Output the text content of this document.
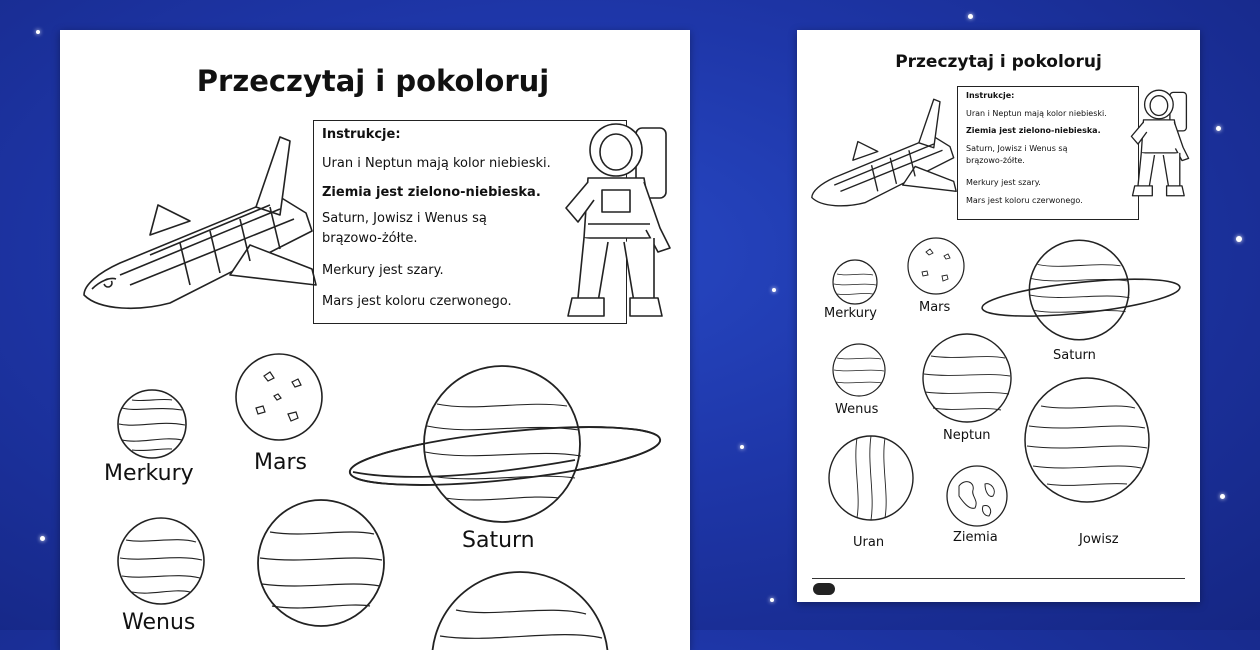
Przeczytaj i pokoloruj

Instrukcje:

Uran i Neptun mają kolor niebieski.

Ziemia jest zielono-niebieska.

Saturn, Jowisz i Wenus są brązowo-żółte.

Merkury jest szary.

Mars jest koloru czerwonego.

Merkury	Mars
Saturn
Wenus
Przeczytaj i pokoloruj

Instrukcje:

Uran i Neptun mają kolor niebieski.

Ziemia jest zielono-niebieska.

Saturn, Jowisz i Wenus są brązowo-żółte.

Merkury jest szary.

Mars jest koloru czerwonego.

Merkury	Mars
Saturn
Wenus
Neptun
Uran	Ziemia	Jowisz
